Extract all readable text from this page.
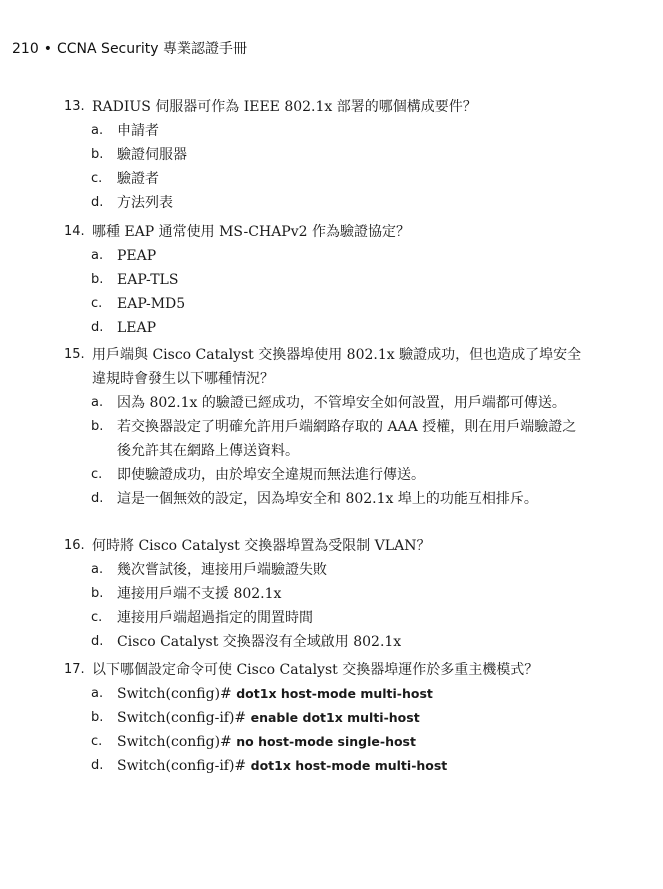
210 • CCNA Security 專業認證手冊
13. RADIUS 伺服器可作為 IEEE 802.1x 部署的哪個構成要件？
a. 申請者
b. 驗證伺服器
c.	驗證者
d. 方法列表
14. 哪種 EAP 通常使用 MS-CHAPv2 作為驗證協定？
a. PEAP
b. EAP-TLS
c.	EAP-MD5
d. LEAP
15. 用戶端與 Cisco Catalyst 交換器埠使用 802.1x 驗證成功，但也造成了埠安全違規時會發生以下哪種情況？
a. 因為 802.1x 的驗證已經成功，不管埠安全如何設置，用戶端都可傳送。
b. 若交換器設定了明確允許用戶端網路存取的 AAA 授權，則在用戶端驗證之後允許其在網路上傳送資料。
c.	即使驗證成功，由於埠安全違規而無法進行傳送。
d. 這是一個無效的設定，因為埠安全和 802.1x 埠上的功能互相排斥。
16. 何時將 Cisco Catalyst 交換器埠置為受限制 VLAN？
a. 幾次嘗試後，連接用戶端驗證失敗
b. 連接用戶端不支援 802.1x
c.	連接用戶端超過指定的閒置時間
d. Cisco Catalyst 交換器沒有全域啟用 802.1x
17. 以下哪個設定命令可使 Cisco Catalyst 交換器埠運作於多重主機模式？
a. Switch(config)# dot1x host-mode multi-host
b. Switch(config-if)# enable dot1x multi-host
c.	Switch(config)# no host-mode single-host
d. Switch(config-if)# dot1x host-mode multi-host
